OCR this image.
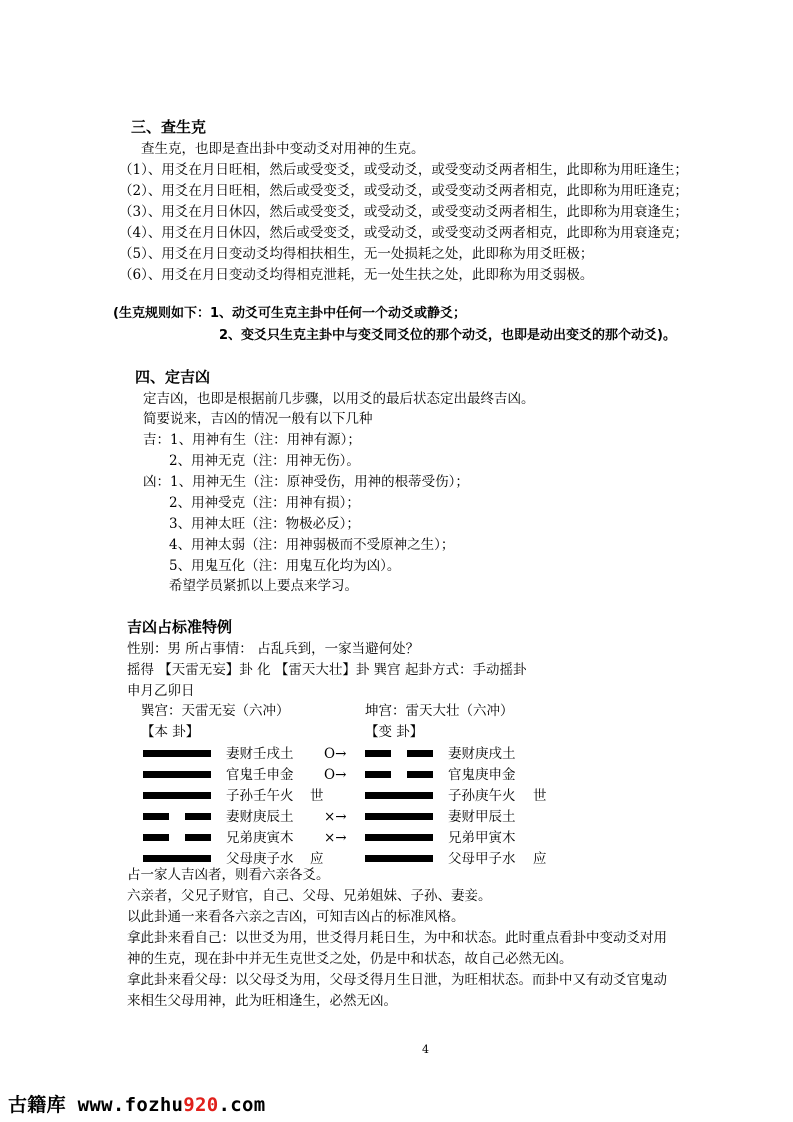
三、查生克
查生克，也即是查出卦中变动爻对用神的生克。
（1）、用爻在月日旺相，然后或受变爻，或受动爻，或受变动爻两者相生，此即称为用旺逢生；
（2）、用爻在月日旺相，然后或受变爻，或受动爻，或受变动爻两者相克，此即称为用旺逢克；
（3）、用爻在月日休囚，然后或受变爻，或受动爻，或受变动爻两者相生，此即称为用衰逢生；
（4）、用爻在月日休囚，然后或受变爻，或受动爻，或受变动爻两者相克，此即称为用衰逢克；
（5）、用爻在月日变动爻均得相扶相生，无一处损耗之处，此即称为用爻旺极；
（6）、用爻在月日变动爻均得相克泄耗，无一处生扶之处，此即称为用爻弱极。
(生克规则如下：1、动爻可生克主卦中任何一个动爻或静爻；
2、变爻只生克主卦中与变爻同爻位的那个动爻，也即是动出变爻的那个动爻)。
四、定吉凶
定吉凶，也即是根据前几步骤，以用爻的最后状态定出最终吉凶。
简要说来，吉凶的情况一般有以下几种
吉：1、用神有生（注：用神有源）；
2、用神无克（注：用神无伤）。
凶：1、用神无生（注：原神受伤，用神的根蒂受伤）；
2、用神受克（注：用神有损）；
3、用神太旺（注：物极必反）；
4、用神太弱（注：用神弱极而不受原神之生）；
5、用鬼互化（注：用鬼互化均为凶）。
希望学员紧抓以上要点来学习。
吉凶占标准特例
性别：男 所占事情： 占乱兵到，一家当避何处？
摇得 【天雷无妄】卦 化 【雷天大壮】卦 巽宫 起卦方式：手动摇卦
申月乙卯日
巽宫：天雷无妄（六冲）	坤宫：雷天大壮（六冲）
【本 卦】	【变 卦】
妻财壬戌土 O→	妻财庚戌土
官鬼壬申金 O→	官鬼庚申金
子孙壬午火 世	子孙庚午火 世
妻财庚辰土 ×→	妻财甲辰土
兄弟庚寅木 ×→	兄弟甲寅木
父母庚子水 应	父母甲子水 应
占一家人吉凶者，则看六亲各爻。
六亲者，父兄子财官，自己、父母、兄弟姐妹、子孙、妻妾。
以此卦通一来看各六亲之吉凶，可知吉凶占的标准风格。
拿此卦来看自己：以世爻为用，世爻得月耗日生，为中和状态。此时重点看卦中变动爻对用
神的生克，现在卦中并无生克世爻之处，仍是中和状态，故自己必然无凶。
拿此卦来看父母：以父母爻为用，父母爻得月生日泄，为旺相状态。而卦中又有动爻官鬼动
来相生父母用神，此为旺相逢生，必然无凶。
4
古籍库 www.fozhu920.com
